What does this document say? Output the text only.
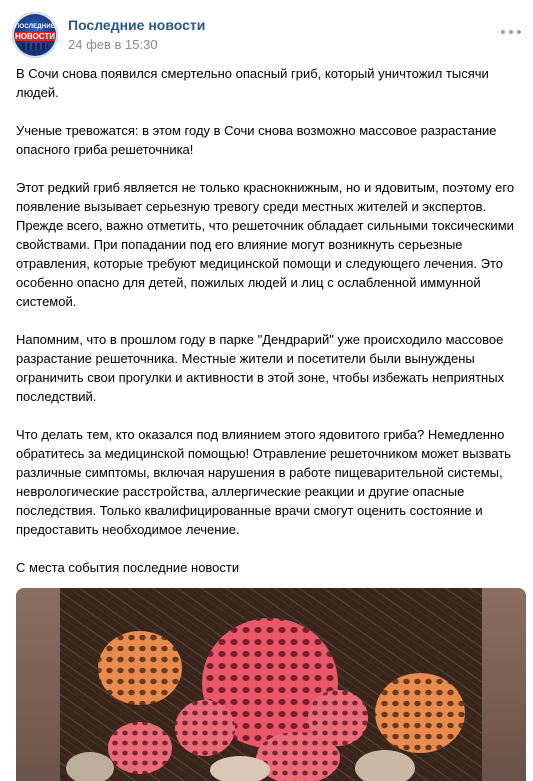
ПОСЛЕДНИЕ
НОВОСТИ
Последние новости
24 фев в 15:30

В Сочи снова появился смертельно опасный гриб, который уничтожил тысячи людей.

Ученые тревожатся: в этом году в Сочи снова возможно массовое разрастание опасного гриба решеточника!

Этот редкий гриб является не только краснокнижным, но и ядовитым, поэтому его появление вызывает серьезную тревогу среди местных жителей и экспертов. Прежде всего, важно отметить, что решеточник обладает сильными токсическими свойствами. При попадании под его влияние могут возникнуть серьезные отравления, которые требуют медицинской помощи и следующего лечения. Это особенно опасно для детей, пожилых людей и лиц с ослабленной иммунной системой.

Напомним, что в прошлом году в парке "Дендрарий" уже происходило массовое разрастание решеточника. Местные жители и посетители были вынуждены ограничить свои прогулки и активности в этой зоне, чтобы избежать неприятных последствий.

Что делать тем, кто оказался под влиянием этого ядовитого гриба? Немедленно обратитесь за медицинской помощью! Отравление решеточником может вызвать различные симптомы, включая нарушения в работе пищеварительной системы, неврологические расстройства, аллергические реакции и другие опасные последствия. Только квалифицированные врачи смогут оценить состояние и предоставить необходимое лечение.

С места события последние новости
